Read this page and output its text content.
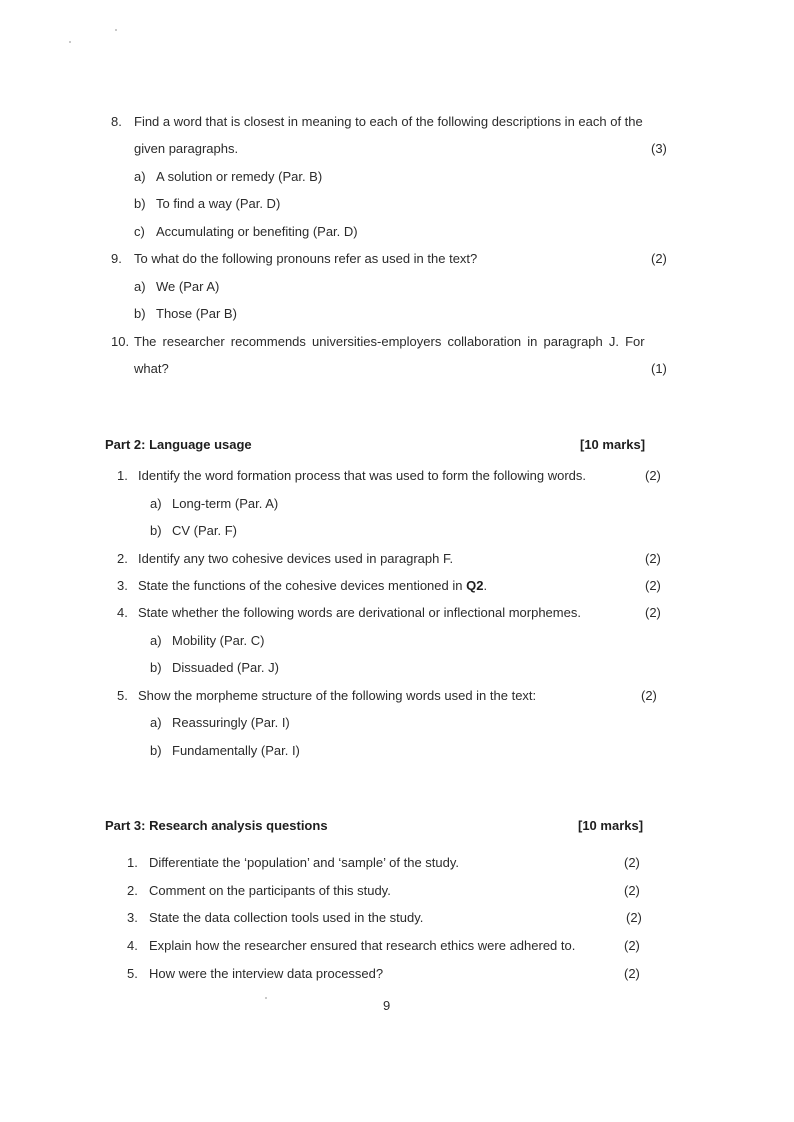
8. Find a word that is closest in meaning to each of the following descriptions in each of the
given paragraphs.	(3)
a) A solution or remedy (Par. B)
b) To find a way (Par. D)
c) Accumulating or benefiting (Par. D)
9. To what do the following pronouns refer as used in the text?	(2)
a) We (Par A)
b) Those (Par B)
10. The researcher recommends universities-employers collaboration in paragraph J. For
what?	(1)
Part 2: Language usage	[10 marks]
1. Identify the word formation process that was used to form the following words.	(2)
a) Long-term (Par. A)
b) CV (Par. F)
2. Identify any two cohesive devices used in paragraph F.	(2)
3. State the functions of the cohesive devices mentioned in Q2.	(2)
4. State whether the following words are derivational or inflectional morphemes.	(2)
a) Mobility (Par. C)
b) Dissuaded (Par. J)
5. Show the morpheme structure of the following words used in the text:	(2)
a) Reassuringly (Par. I)
b) Fundamentally (Par. I)
Part 3: Research analysis questions	[10 marks]
1. Differentiate the ‘population’ and ‘sample’ of the study.	(2)
2. Comment on the participants of this study.	(2)
3. State the data collection tools used in the study.	(2)
4. Explain how the researcher ensured that research ethics were adhered to.	(2)
5. How were the interview data processed?	(2)
9
